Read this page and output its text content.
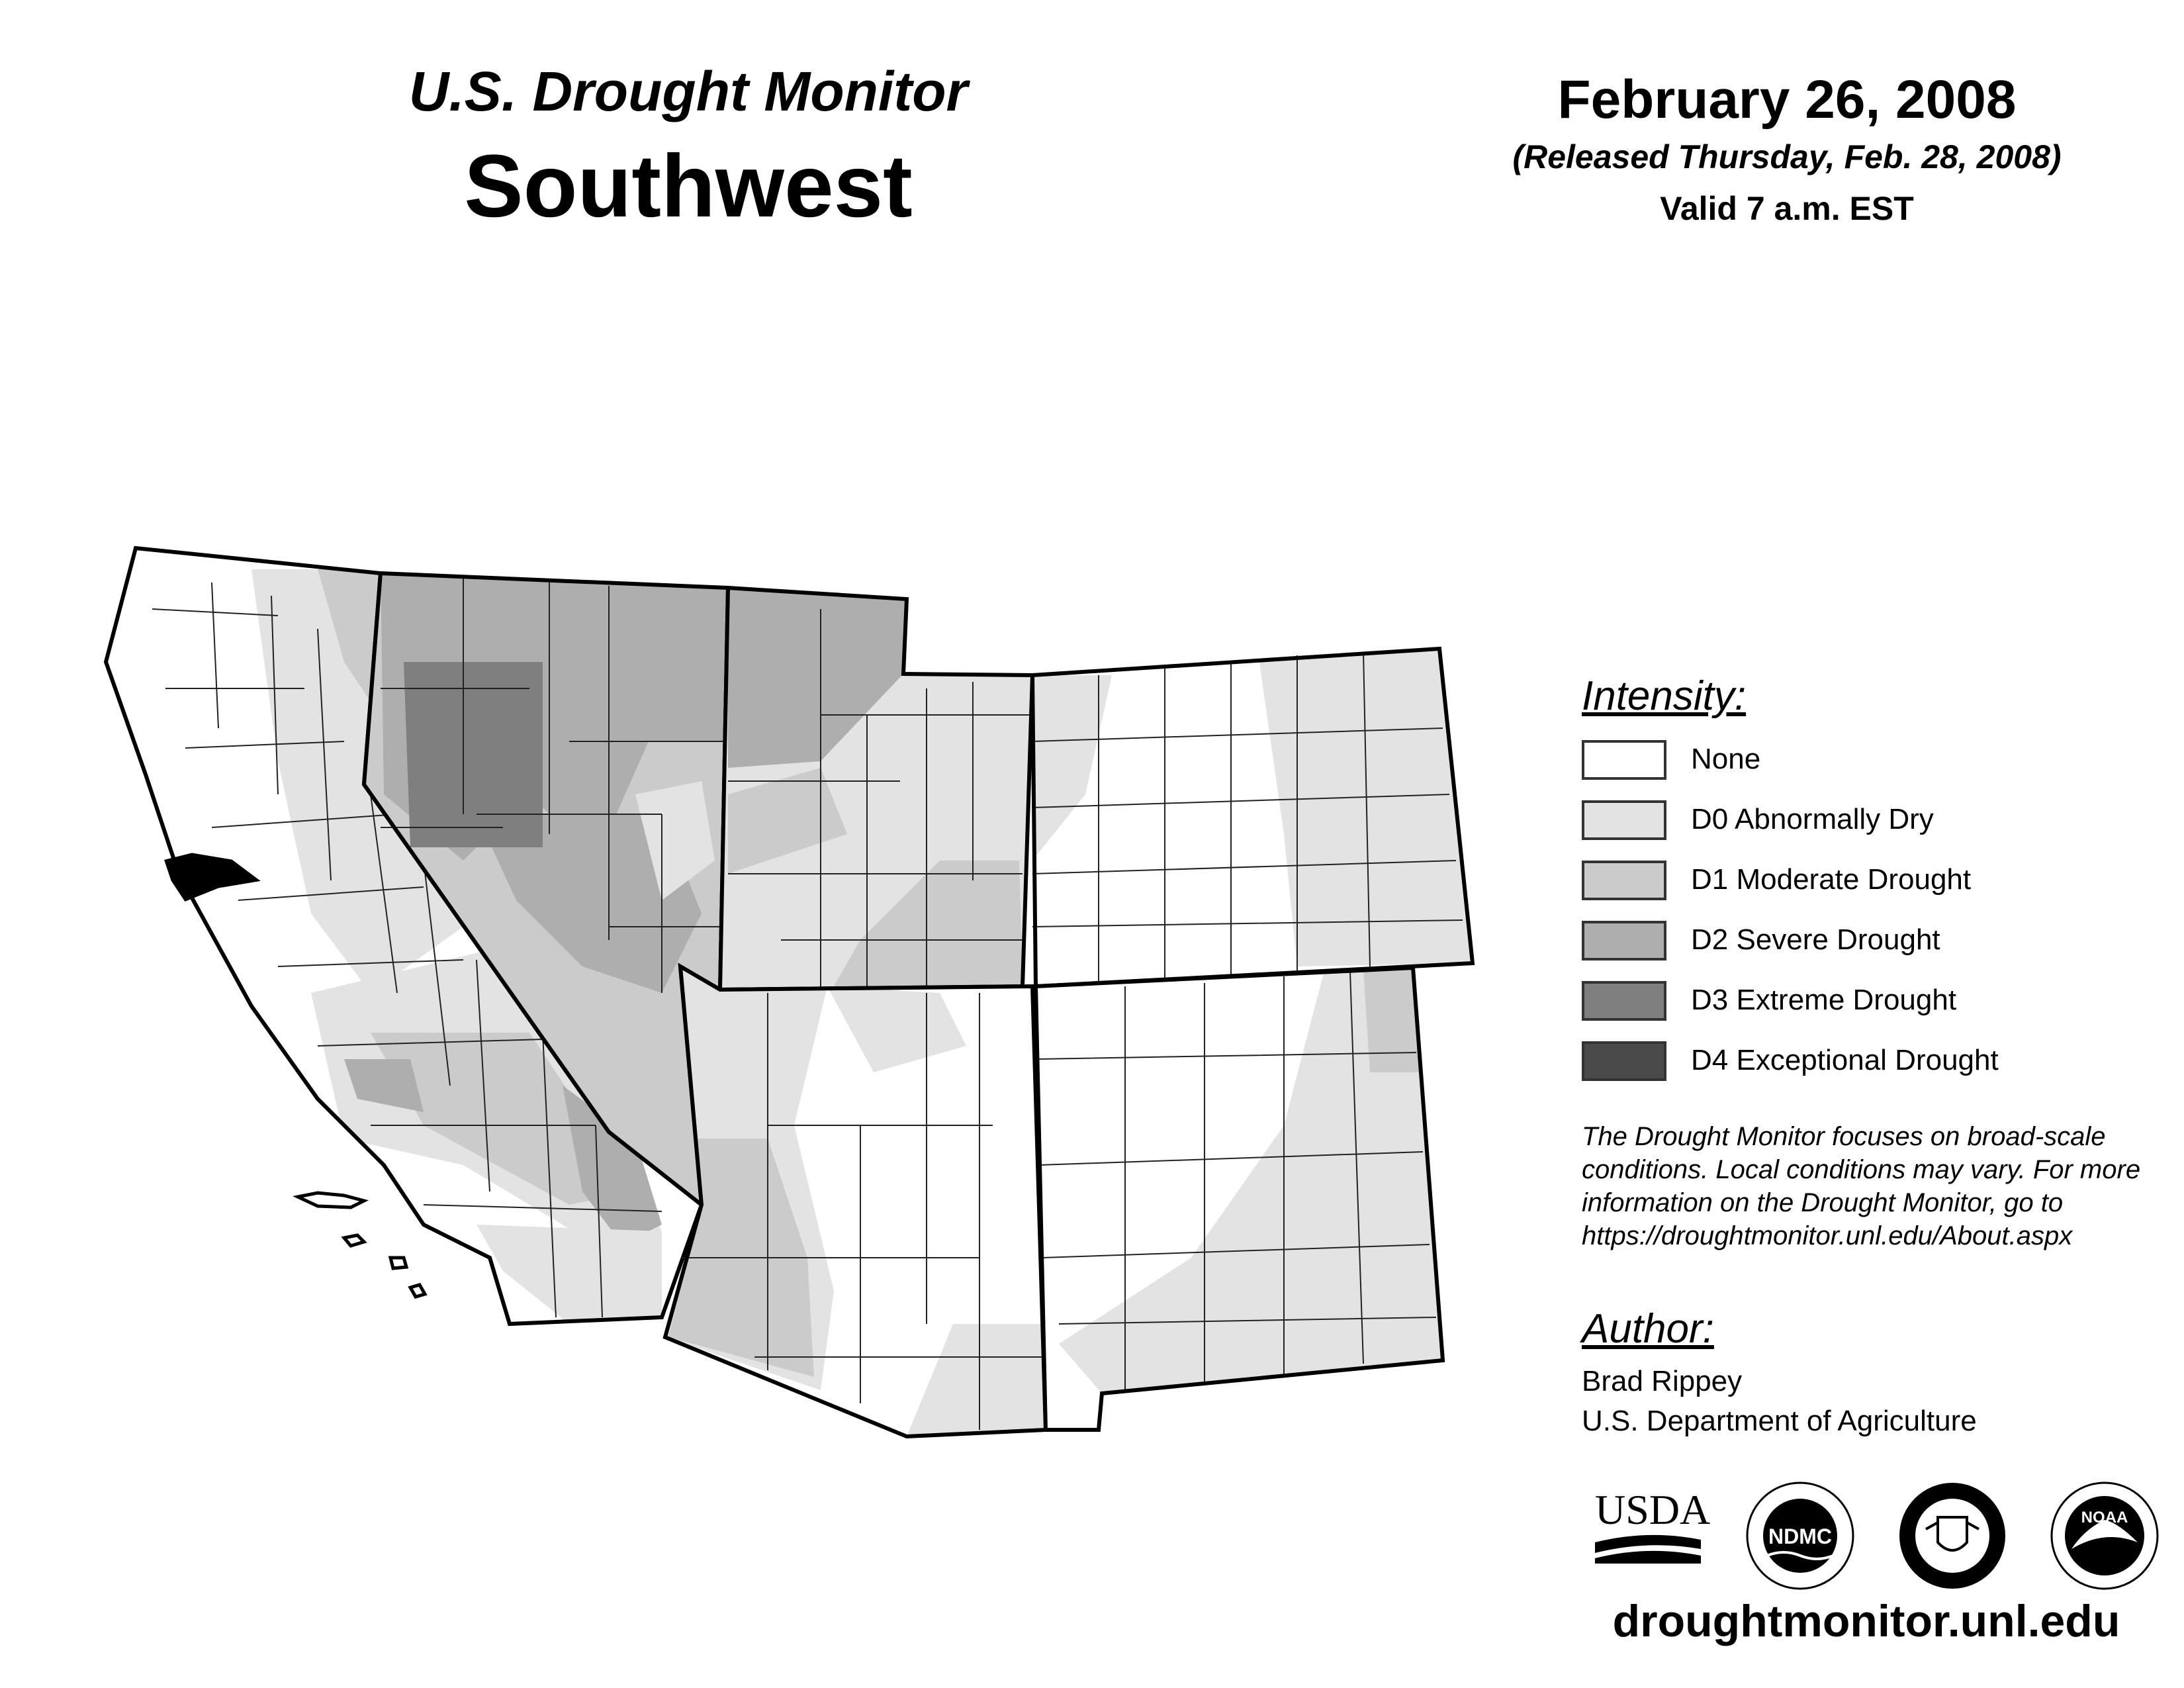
U.S. Drought Monitor
Southwest
February 26, 2008
(Released Thursday, Feb. 28, 2008)
Valid 7 a.m. EST
Intensity:
None
D0 Abnormally Dry
D1 Moderate Drought
D2 Severe Drought
D3 Extreme Drought
D4 Exceptional Drought
The Drought Monitor focuses on broad-scale
conditions. Local conditions may vary. For more
information on the Drought Monitor, go to
https://droughtmonitor.unl.edu/About.aspx
Author:
Brad Rippey
U.S. Department of Agriculture
USDA
NDMC
NOAA
droughtmonitor.unl.edu
